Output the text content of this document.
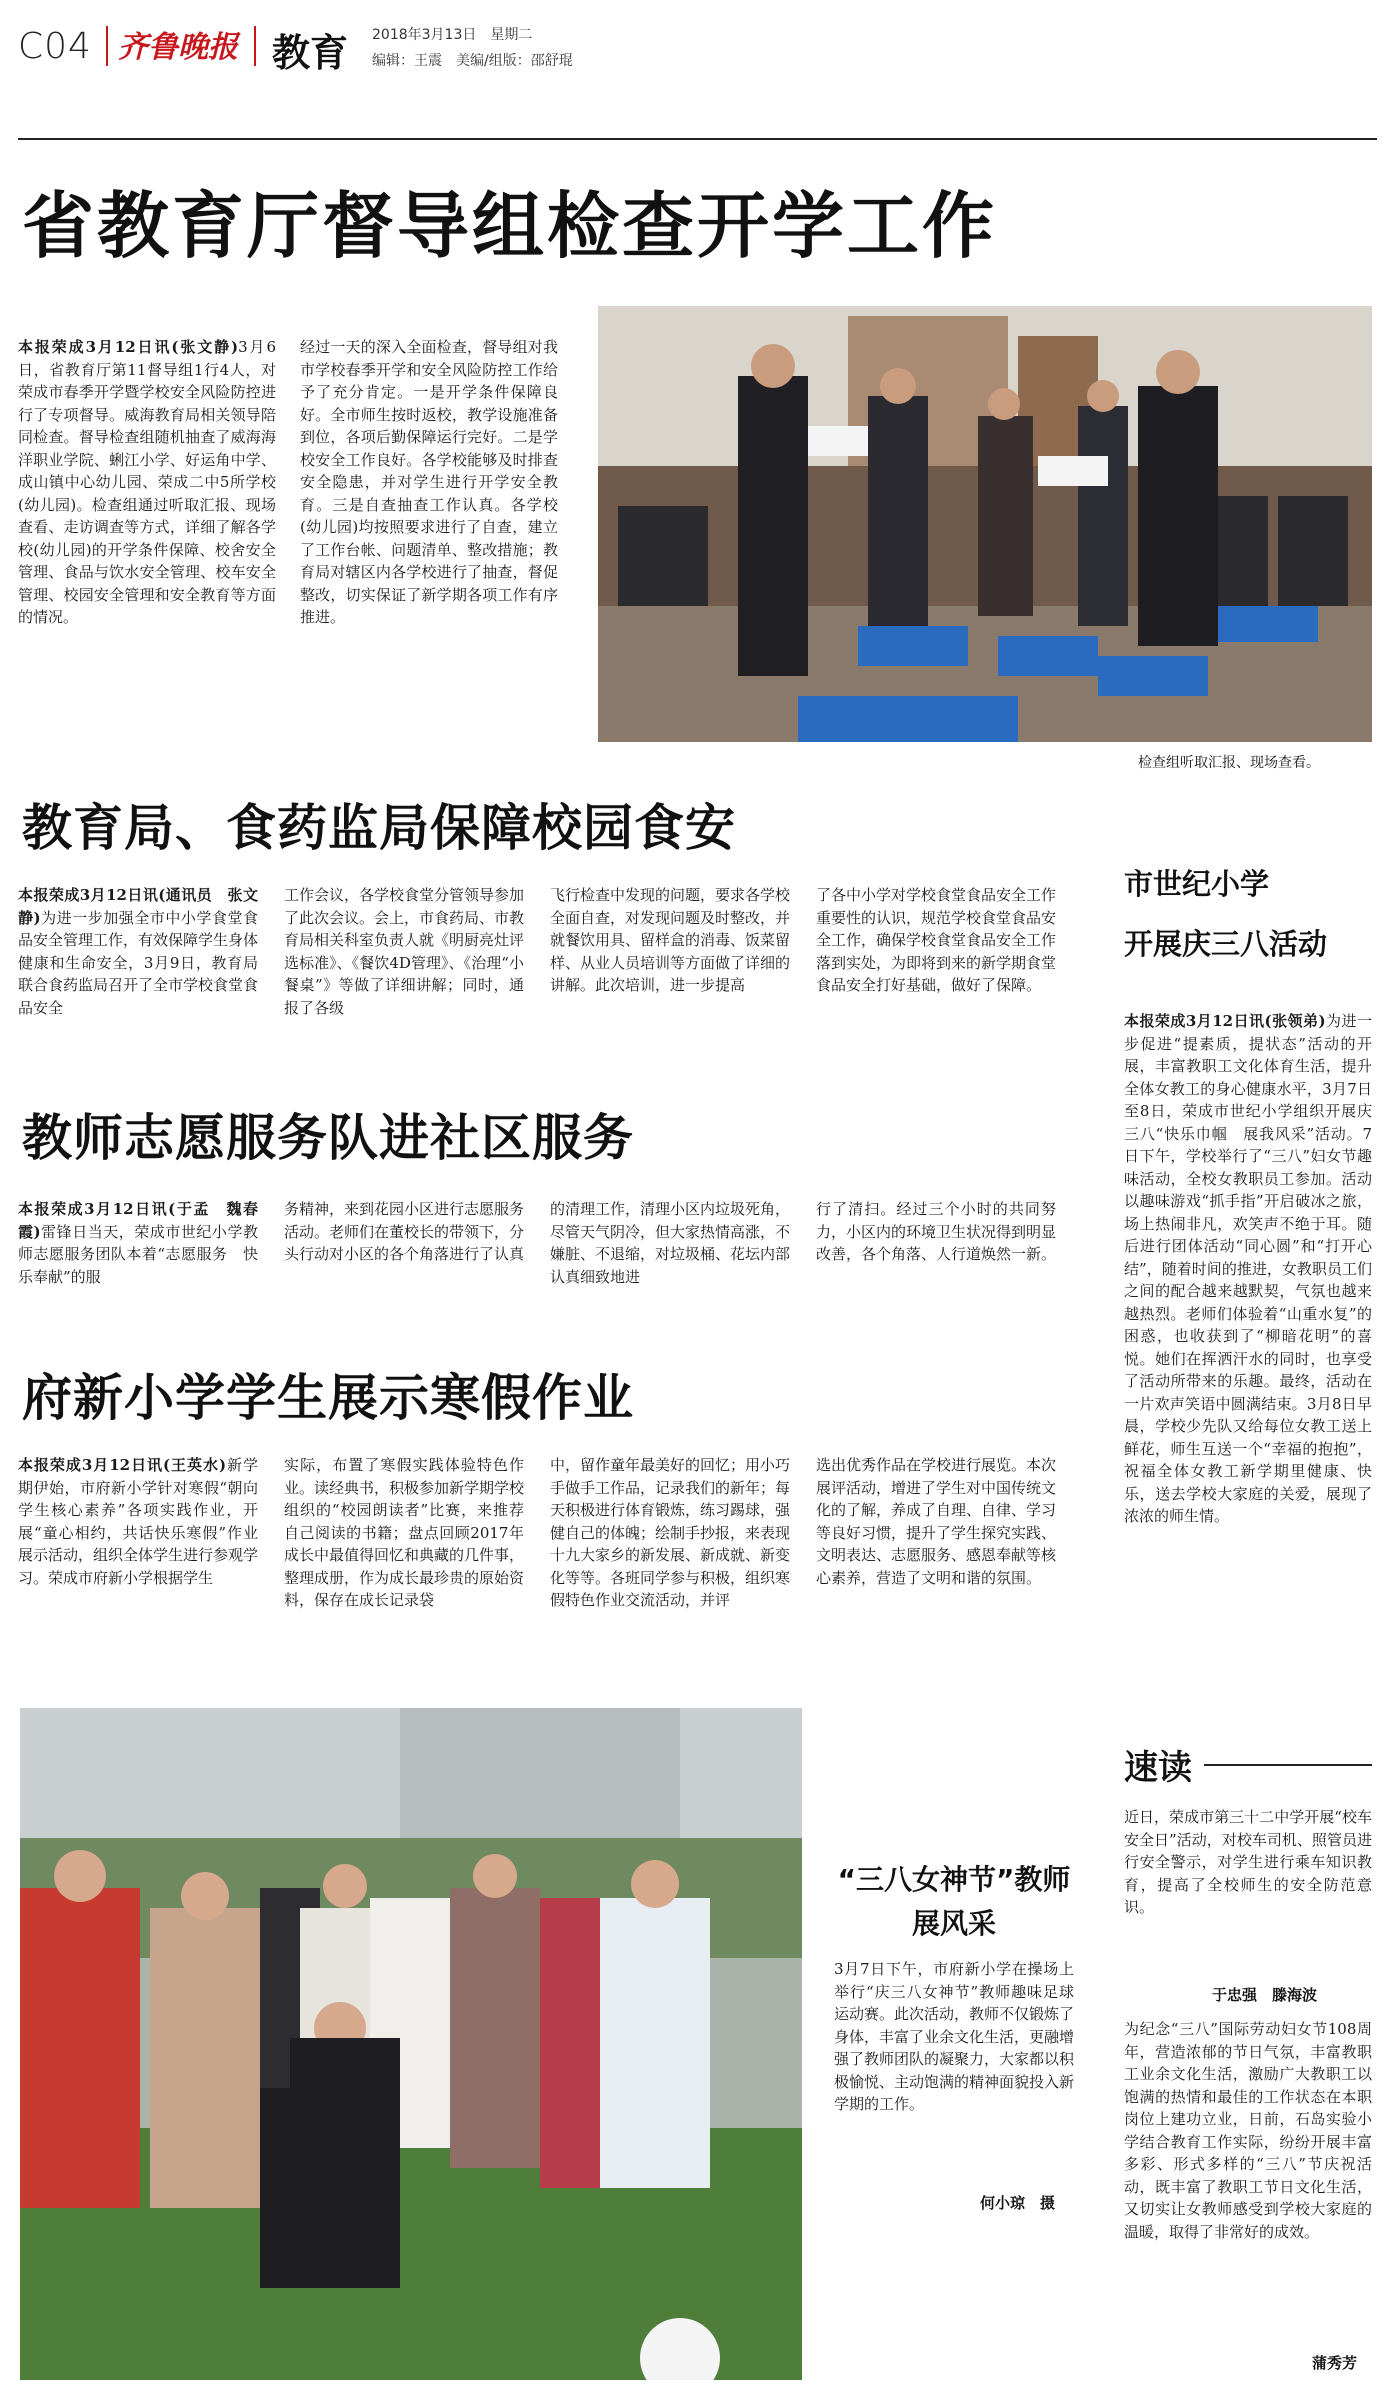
C04 齐鲁晚报 教育 2018年3月13日　星期二
编辑：王震　美编/组版：邵舒琨
省教育厅督导组检查开学工作
本报荣成3月12日讯(张文静)3月6日，省教育厅第11督导组1行4人，对荣成市春季开学暨学校安全风险防控进行了专项督导。威海教育局相关领导陪同检查。督导检查组随机抽查了威海海洋职业学院、蜊江小学、好运角中学、成山镇中心幼儿园、荣成二中5所学校(幼儿园)。检查组通过听取汇报、现场查看、走访调查等方式，详细了解各学校(幼儿园)的开学条件保障、校舍安全管理、食品与饮水安全管理、校车安全管理、校园安全管理和安全教育等方面的情况。
经过一天的深入全面检查，督导组对我市学校春季开学和安全风险防控工作给予了充分肯定。一是开学条件保障良好。全市师生按时返校，教学设施准备到位，各项后勤保障运行完好。二是学校安全工作良好。各学校能够及时排查安全隐患，并对学生进行开学安全教育。三是自查抽查工作认真。各学校(幼儿园)均按照要求进行了自查，建立了工作台帐、问题清单、整改措施；教育局对辖区内各学校进行了抽查，督促整改，切实保证了新学期各项工作有序推进。
检查组听取汇报、现场查看。
教育局、食药监局保障校园食安
本报荣成3月12日讯(通讯员　张文静)为进一步加强全市中小学食堂食品安全管理工作，有效保障学生身体健康和生命安全，3月9日，教育局联合食药监局召开了全市学校食堂食品安全
工作会议，各学校食堂分管领导参加了此次会议。会上，市食药局、市教育局相关科室负责人就《明厨亮灶评选标准》、《餐饮4D管理》、《治理“小餐桌”》等做了详细讲解；同时，通报了各级
飞行检查中发现的问题，要求各学校全面自查，对发现问题及时整改，并就餐饮用具、留样盒的消毒、饭菜留样、从业人员培训等方面做了详细的讲解。此次培训，进一步提高
了各中小学对学校食堂食品安全工作重要性的认识，规范学校食堂食品安全工作，确保学校食堂食品安全工作落到实处，为即将到来的新学期食堂食品安全打好基础，做好了保障。
教师志愿服务队进社区服务
本报荣成3月12日讯(于孟　魏春霞)雷锋日当天，荣成市世纪小学教师志愿服务团队本着“志愿服务　快乐奉献”的服
务精神，来到花园小区进行志愿服务活动。老师们在董校长的带领下，分头行动对小区的各个角落进行了认真
的清理工作，清理小区内垃圾死角，尽管天气阴冷，但大家热情高涨，不嫌脏、不退缩，对垃圾桶、花坛内部认真细致地进
行了清扫。经过三个小时的共同努力，小区内的环境卫生状况得到明显改善，各个角落、人行道焕然一新。
府新小学学生展示寒假作业
本报荣成3月12日讯(王英水)新学期伊始，市府新小学针对寒假“朝向学生核心素养”各项实践作业，开展“童心相约，共话快乐寒假”作业展示活动，组织全体学生进行参观学习。荣成市府新小学根据学生
实际，布置了寒假实践体验特色作业。读经典书，积极参加新学期学校组织的“校园朗读者”比赛，来推荐自己阅读的书籍；盘点回顾2017年成长中最值得回忆和典藏的几件事，整理成册，作为成长最珍贵的原始资料，保存在成长记录袋
中，留作童年最美好的回忆；用小巧手做手工作品，记录我们的新年；每天积极进行体育锻炼，练习踢球，强健自己的体魄；绘制手抄报，来表现十九大家乡的新发展、新成就、新变化等等。各班同学参与积极，组织寒假特色作业交流活动，并评
选出优秀作品在学校进行展览。本次展评活动，增进了学生对中国传统文化的了解，养成了自理、自律、学习等良好习惯，提升了学生探究实践、文明表达、志愿服务、感恩奉献等核心素养，营造了文明和谐的氛围。
“三八女神节”教师展风采
3月7日下午，市府新小学在操场上举行“庆三八女神节”教师趣味足球运动赛。此次活动，教师不仅锻炼了身体，丰富了业余文化生活，更融增强了教师团队的凝聚力，大家都以积极愉悦、主动饱满的精神面貌投入新学期的工作。
何小琼　摄
市世纪小学
开展庆三八活动
本报荣成3月12日讯(张领弟)为进一步促进“提素质，提状态”活动的开展，丰富教职工文化体育生活，提升全体女教工的身心健康水平，3月7日至8日，荣成市世纪小学组织开展庆三八“快乐巾帼　展我风采”活动。7日下午，学校举行了“三八”妇女节趣味活动，全校女教职员工参加。活动以趣味游戏“抓手指”开启破冰之旅，场上热闹非凡，欢笑声不绝于耳。随后进行团体活动“同心圆”和“打开心结”，随着时间的推进，女教职员工们之间的配合越来越默契，气氛也越来越热烈。老师们体验着“山重水复”的困惑，也收获到了“柳暗花明”的喜悦。她们在挥洒汗水的同时，也享受了活动所带来的乐趣。最终，活动在一片欢声笑语中圆满结束。3月8日早晨，学校少先队又给每位女教工送上鲜花，师生互送一个“幸福的抱抱”，祝福全体女教工新学期里健康、快乐，送去学校大家庭的关爱，展现了浓浓的师生情。
速读
近日，荣成市第三十二中学开展“校车安全日”活动，对校车司机、照管员进行安全警示，对学生进行乘车知识教育，提高了全校师生的安全防范意识。
于忠强　滕海波
为纪念“三八”国际劳动妇女节108周年，营造浓郁的节日气氛，丰富教职工业余文化生活，激励广大教职工以饱满的热情和最佳的工作状态在本职岗位上建功立业，日前，石岛实验小学结合教育工作实际，纷纷开展丰富多彩、形式多样的“三八”节庆祝活动，既丰富了教职工节日文化生活，又切实让女教师感受到学校大家庭的温暖，取得了非常好的成效。
蒲秀芳
